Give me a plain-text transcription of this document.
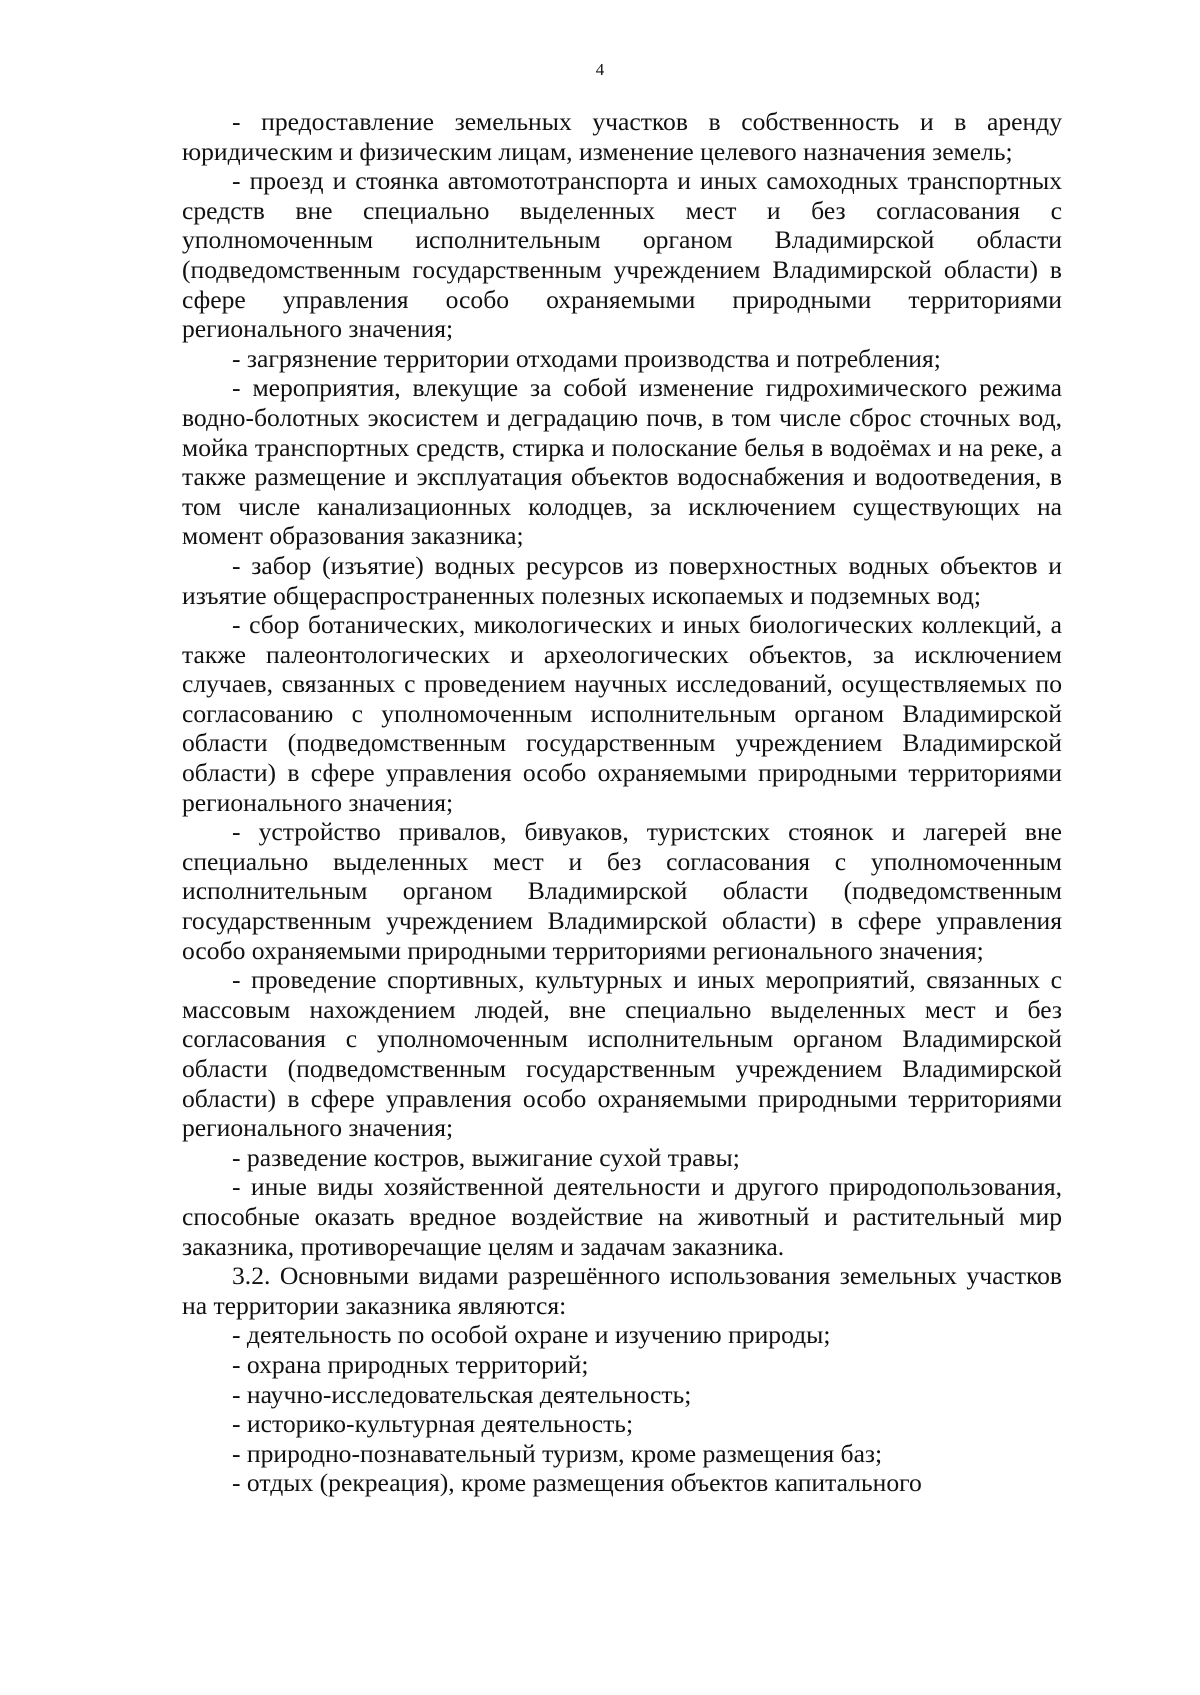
4

- предоставление земельных участков в собственность и в аренду юридическим и физическим лицам, изменение целевого назначения земель;

- проезд и стоянка автомототранспорта и иных самоходных транспортных средств вне специально выделенных мест и без согласования с уполномоченным исполнительным органом Владимирской области (подведомственным государственным учреждением Владимирской области) в сфере управления особо охраняемыми природными территориями регионального значения;

- загрязнение территории отходами производства и потребления;

- мероприятия, влекущие за собой изменение гидрохимического режима водно-болотных экосистем и деградацию почв, в том числе сброс сточных вод, мойка транспортных средств, стирка и полоскание белья в водоёмах и на реке, а также размещение и эксплуатация объектов водоснабжения и водоотведения, в том числе канализационных колодцев, за исключением существующих на момент образования заказника;

- забор (изъятие) водных ресурсов из поверхностных водных объектов и изъятие общераспространенных полезных ископаемых и подземных вод;

- сбор ботанических, микологических и иных биологических коллекций, а также палеонтологических и археологических объектов, за исключением случаев, связанных с проведением научных исследований, осуществляемых по согласованию с уполномоченным исполнительным органом Владимирской области (подведомственным государственным учреждением Владимирской области) в сфере управления особо охраняемыми природными территориями регионального значения;

- устройство привалов, бивуаков, туристских стоянок и лагерей вне специально выделенных мест и без согласования с уполномоченным исполнительным органом Владимирской области (подведомственным государственным учреждением Владимирской области) в сфере управления особо охраняемыми природными территориями регионального значения;

- проведение спортивных, культурных и иных мероприятий, связанных с массовым нахождением людей, вне специально выделенных мест и без согласования с уполномоченным исполнительным органом Владимирской области (подведомственным государственным учреждением Владимирской области) в сфере управления особо охраняемыми природными территориями регионального значения;

- разведение костров, выжигание сухой травы;

- иные виды хозяйственной деятельности и другого природопользования, способные оказать вредное воздействие на животный и растительный мир заказника, противоречащие целям и задачам заказника.

3.2. Основными видами разрешённого использования земельных участков на территории заказника являются:

- деятельность по особой охране и изучению природы;

- охрана природных территорий;

- научно-исследовательская деятельность;

- историко-культурная деятельность;

- природно-познавательный туризм, кроме размещения баз;

- отдых (рекреация), кроме размещения объектов капитального
